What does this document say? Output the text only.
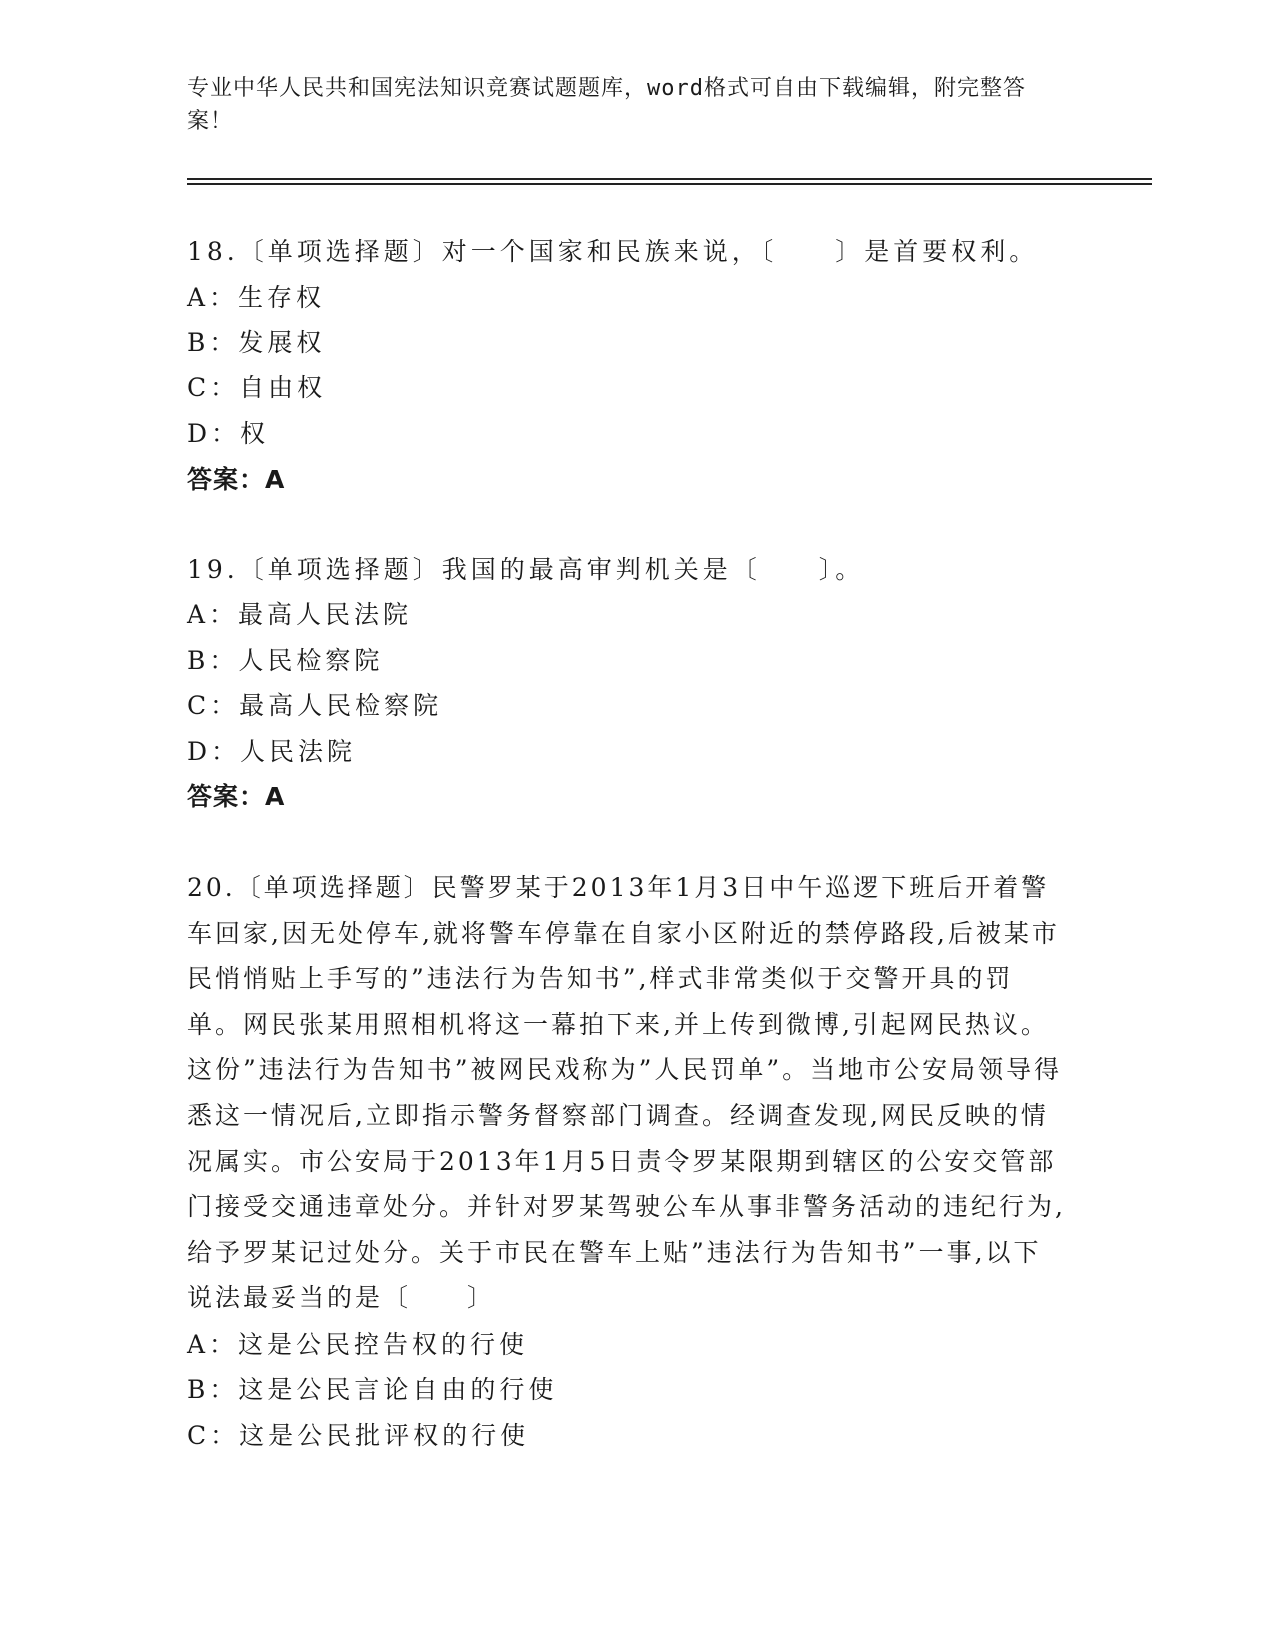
专业中华人民共和国宪法知识竞赛试题题库，word格式可自由下载编辑，附完整答案！
18.〔单项选择题〕对一个国家和民族来说，〔　　〕是首要权利。
A：生存权
B：发展权
C：自由权
D：权
答案：A
19.〔单项选择题〕我国的最高审判机关是〔　　〕。
A：最高人民法院
B：人民检察院
C：最高人民检察院
D：人民法院
答案：A
20.〔单项选择题〕民警罗某于2013年1月3日中午巡逻下班后开着警车回家,因无处停车,就将警车停靠在自家小区附近的禁停路段,后被某市民悄悄贴上手写的”违法行为告知书”,样式非常类似于交警开具的罚单。网民张某用照相机将这一幕拍下来,并上传到微博,引起网民热议。这份”违法行为告知书”被网民戏称为”人民罚单”。当地市公安局领导得悉这一情况后,立即指示警务督察部门调查。经调查发现,网民反映的情况属实。市公安局于2013年1月5日责令罗某限期到辖区的公安交管部门接受交通违章处分。并针对罗某驾驶公车从事非警务活动的违纪行为,给予罗某记过处分。关于市民在警车上贴”违法行为告知书”一事,以下说法最妥当的是〔　　〕
A：这是公民控告权的行使
B：这是公民言论自由的行使
C：这是公民批评权的行使
